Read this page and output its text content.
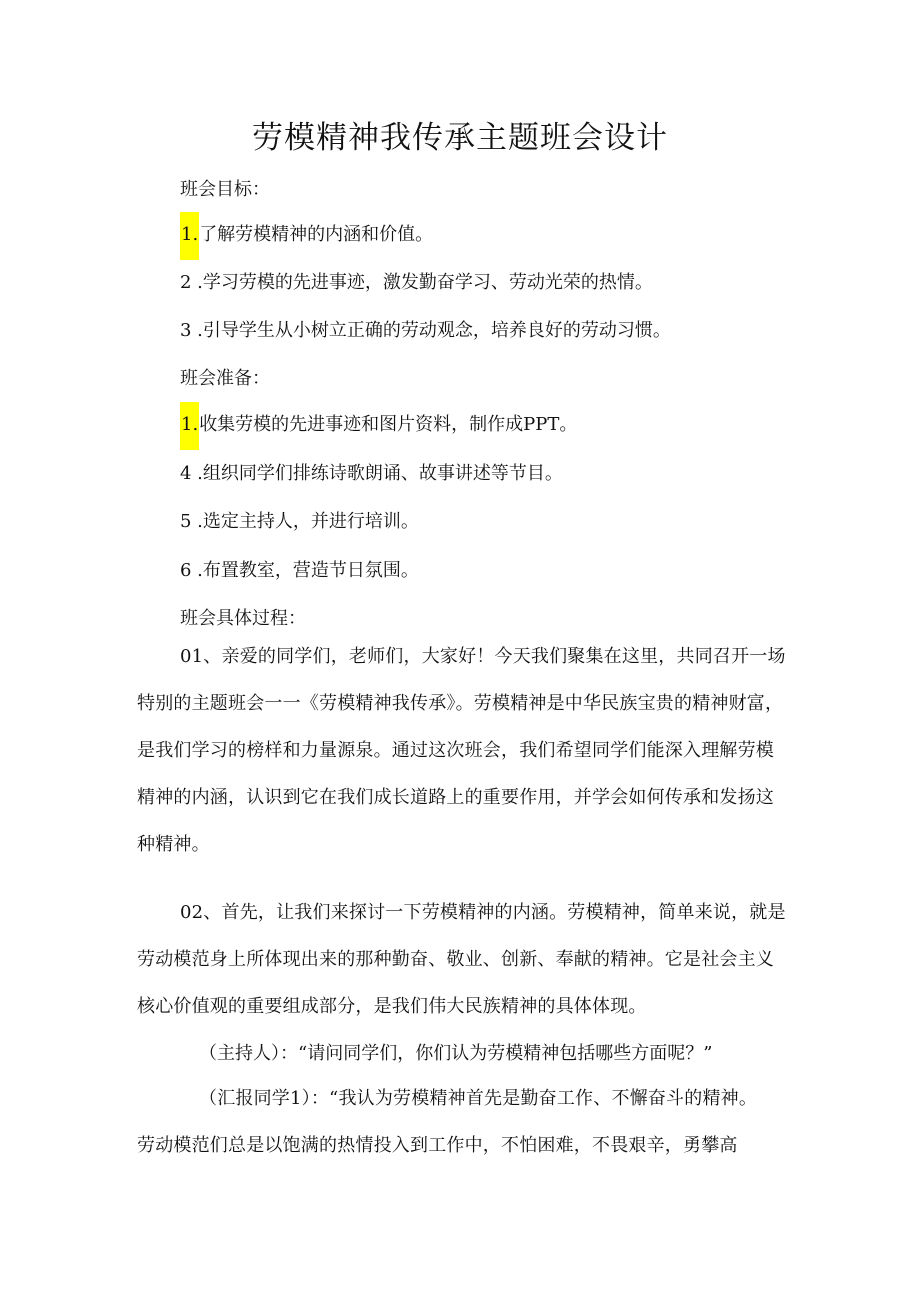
劳模精神我传承主题班会设计
班会目标：
1.了解劳模精神的内涵和价值。
2 .学习劳模的先进事迹，激发勤奋学习、劳动光荣的热情。
3 .引导学生从小树立正确的劳动观念，培养良好的劳动习惯。
班会准备：
1.收集劳模的先进事迹和图片资料，制作成PPT。
4 .组织同学们排练诗歌朗诵、故事讲述等节目。
5 .选定主持人，并进行培训。
6 .布置教室，营造节日氛围。
班会具体过程：
01、亲爱的同学们，老师们，大家好！今天我们聚集在这里，共同召开一场
特别的主题班会一一《劳模精神我传承》。劳模精神是中华民族宝贵的精神财富，
是我们学习的榜样和力量源泉。通过这次班会，我们希望同学们能深入理解劳模
精神的内涵，认识到它在我们成长道路上的重要作用，并学会如何传承和发扬这
种精神。
02、首先，让我们来探讨一下劳模精神的内涵。劳模精神，简单来说，就是
劳动模范身上所体现出来的那种勤奋、敬业、创新、奉献的精神。它是社会主义
核心价值观的重要组成部分，是我们伟大民族精神的具体体现。
（主持人）：“请问同学们，你们认为劳模精神包括哪些方面呢？”
（汇报同学1）：“我认为劳模精神首先是勤奋工作、不懈奋斗的精神。
劳动模范们总是以饱满的热情投入到工作中，不怕困难，不畏艰辛，勇攀高
